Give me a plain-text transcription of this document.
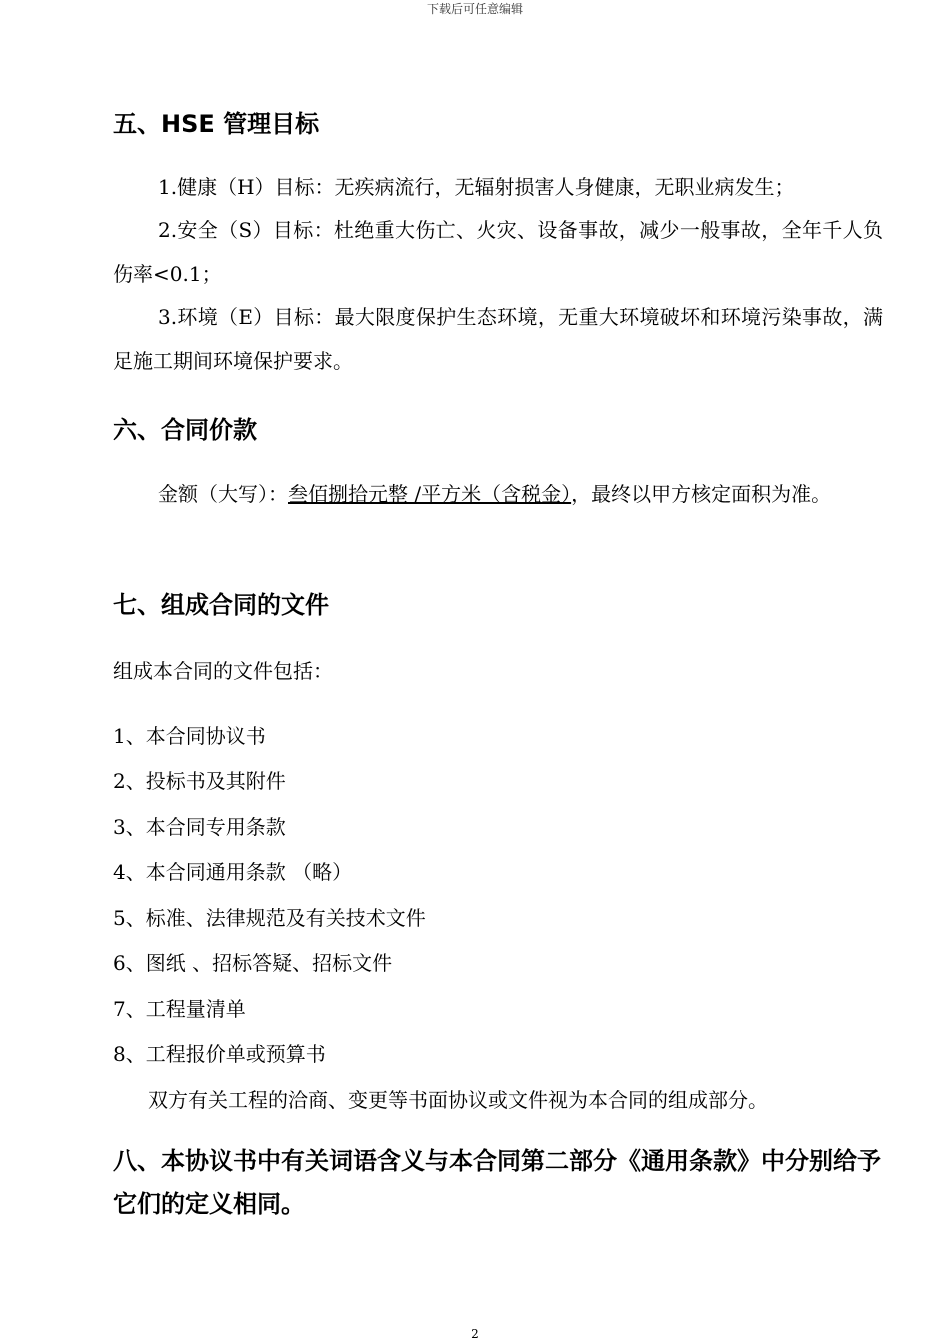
下载后可任意编辑
五、HSE 管理目标

1.健康（H）目标：无疾病流行，无辐射损害人身健康，无职业病发生；

2.安全（S）目标：杜绝重大伤亡、火灾、设备事故，减少一般事故，全年千人负伤率<0.1；

3.环境（E）目标：最大限度保护生态环境，无重大环境破坏和环境污染事故，满足施工期间环境保护要求。

六、合同价款

金额（大写）：叁佰捌拾元整 /平方米（含税金），最终以甲方核定面积为准。

七、组成合同的文件

组成本合同的文件包括：

1、本合同协议书

2、投标书及其附件

3、本合同专用条款

4、本合同通用条款 （略）

5、标准、法律规范及有关技术文件

6、图纸 、招标答疑、招标文件

7、工程量清单

8、工程报价单或预算书

双方有关工程的洽商、变更等书面协议或文件视为本合同的组成部分。

八、本协议书中有关词语含义与本合同第二部分《通用条款》中分别给予它们的定义相同。
2
